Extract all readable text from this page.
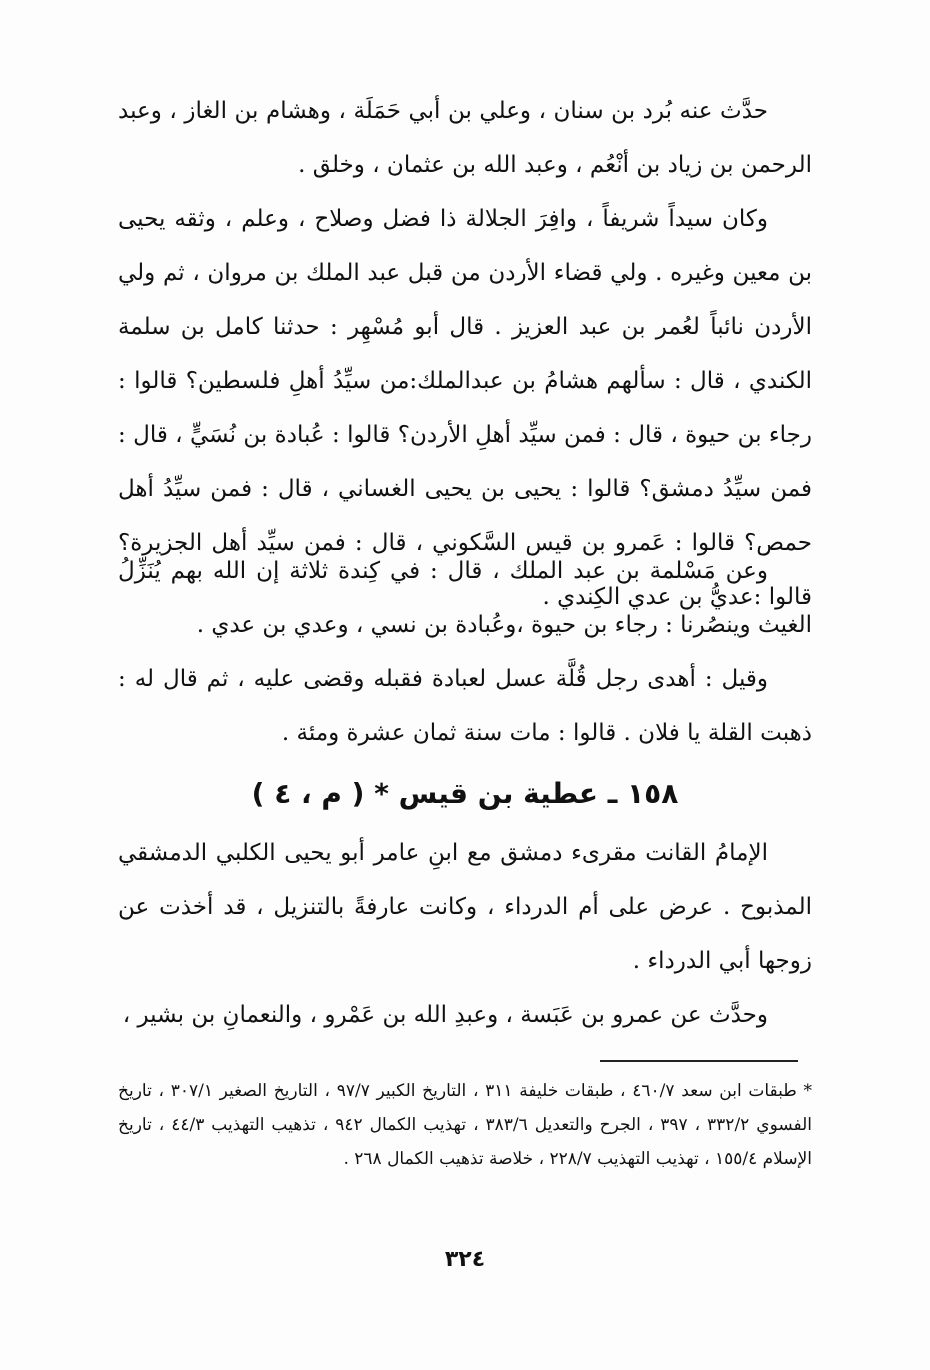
حدَّث عنه بُرد بن سنان ، وعلي بن أبي حَمَلَة ، وهشام بن الغاز ، وعبد الرحمن بن زياد بن أنْعُم ، وعبد الله بن عثمان ، وخلق .

وكان سيداً شريفاً ، وافِرَ الجلالة ذا فضل وصلاح ، وعلم ، وثقه يحيى بن معين وغيره . ولي قضاء الأردن من قبل عبد الملك بن مروان ، ثم ولي الأردن نائباً لعُمر بن عبد العزيز . قال أبو مُسْهِر : حدثنا كامل بن سلمة الكندي ، قال : سألهم هشامُ بن عبدالملك:من سيِّدُ أهلِ فلسطين؟ قالوا : رجاء بن حيوة ، قال : فمن سيِّد أهلِ الأردن؟ قالوا : عُبادة بن نُسَيٍّ ، قال : فمن سيِّدُ دمشق؟ قالوا : يحيى بن يحيى الغساني ، قال : فمن سيِّدُ أهل حمص؟ قالوا : عَمرو بن قيس السَّكوني ، قال : فمن سيِّد أهل الجزيرة؟ قالوا :عديُّ بن عدي الكِندي .

وعن مَسْلمة بن عبد الملك ، قال : في كِندة ثلاثة إن الله بهم يُنَزِّلُ الغيث وينصُرنا : رجاء بن حيوة ،وعُبادة بن نسي ، وعدي بن عدي .

وقيل : أهدى رجل قُلَّة عسل لعبادة فقبله وقضى عليه ، ثم قال له : ذهبت القلة يا فلان . قالوا : مات سنة ثمان عشرة ومئة .

١٥٨ ـ عطية بن قيس * ( م ، ٤ )

الإمامُ القانت مقرىء دمشق مع ابنِ عامر أبو يحيى الكلبي الدمشقي المذبوح . عرض على أم الدرداء ، وكانت عارفةً بالتنزيل ، قد أخذت عن زوجها أبي الدرداء .

وحدَّث عن عمرو بن عَبَسة ، وعبدِ الله بن عَمْرو ، والنعمانِ بن بشير ،

* طبقات ابن سعد ٤٦٠/٧ ، طبقات خليفة ٣١١ ، التاريخ الكبير ٩٧/٧ ، التاريخ الصغير ٣٠٧/١ ، تاريخ الفسوي ٣٣٢/٢ ، ٣٩٧ ، الجرح والتعديل ٣٨٣/٦ ، تهذيب الكمال ٩٤٢ ، تذهيب التهذيب ٤٤/٣ ، تاريخ الإسلام ١٥٥/٤ ، تهذيب التهذيب ٢٢٨/٧ ، خلاصة تذهيب الكمال ٢٦٨ .
٣٢٤
